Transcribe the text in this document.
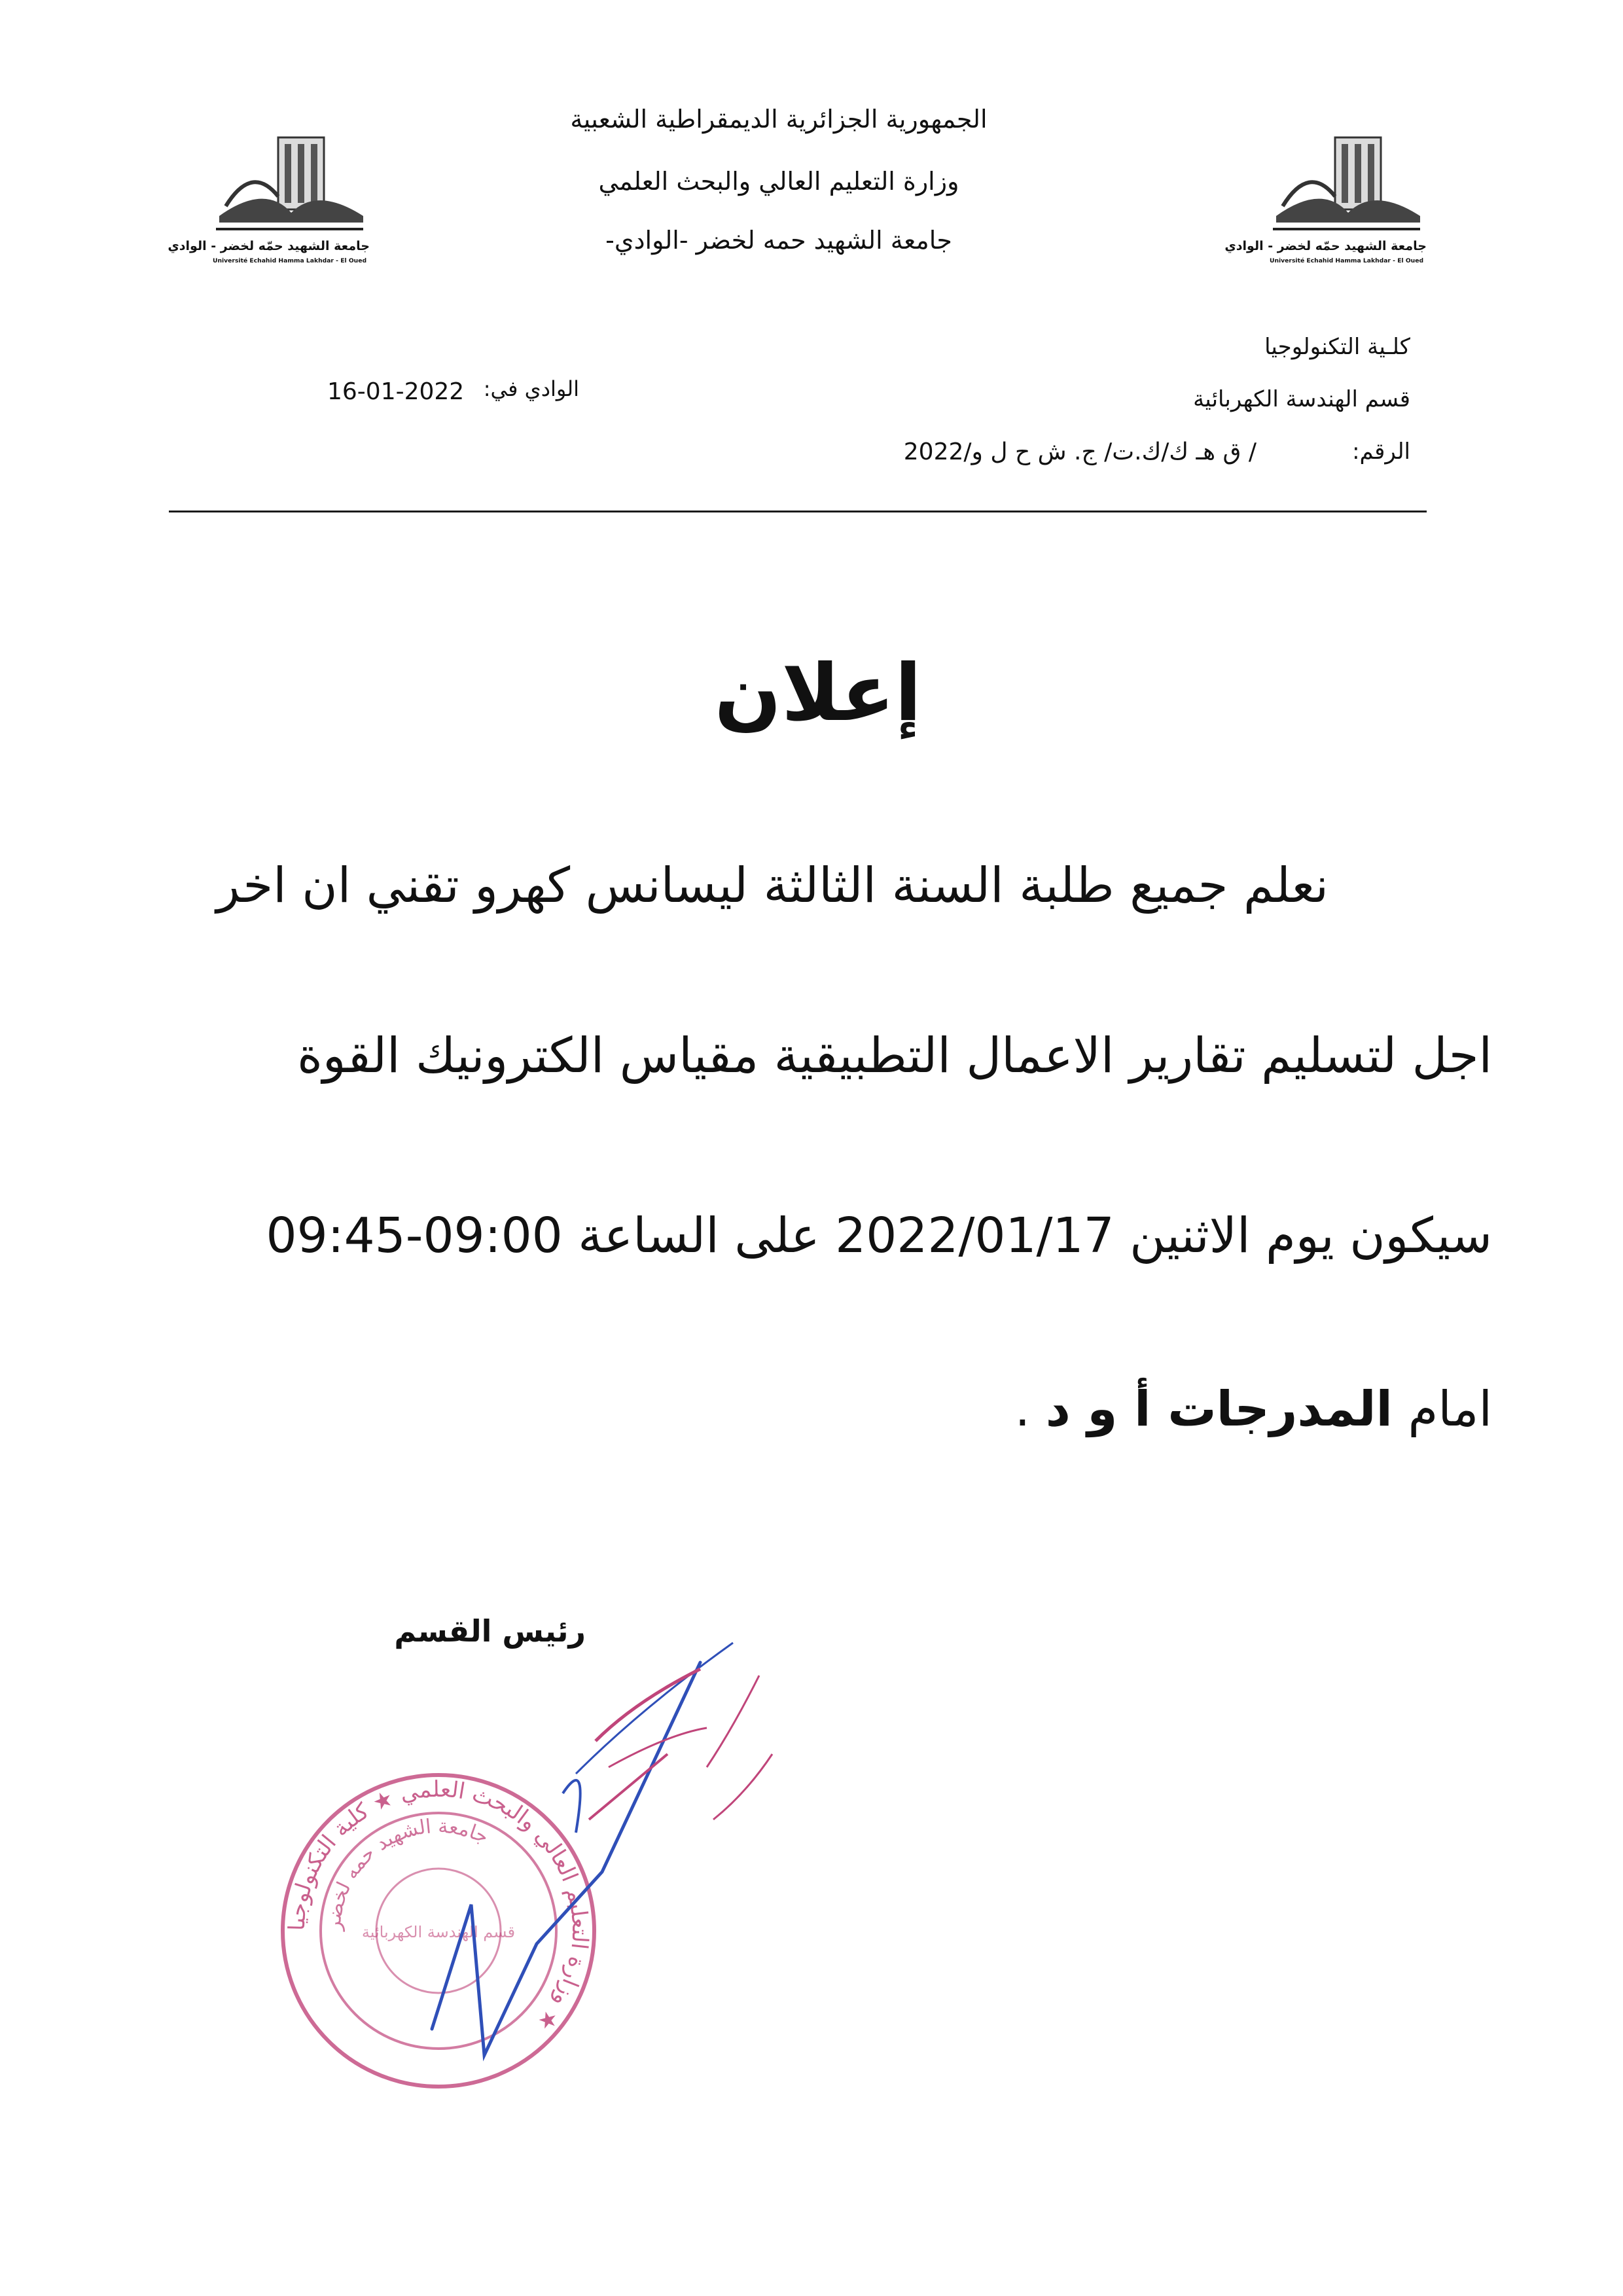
جامعة الشهيد حمّه لخضر - الوادي
Université Echahid Hamma Lakhdar - El Oued
جامعة الشهيد حمّه لخضر - الوادي
Université Echahid Hamma Lakhdar - El Oued
الجمهورية الجزائرية الديمقراطية الشعبية
وزارة التعليم العالي والبحث العلمي
جامعة الشهيد حمه لخضر -الوادي-
كلـية التكنولوجيا
قسم الهندسة الكهربائية
الرقم:
/ ق هـ ك/ك.ت/ ج. ش ح ل و/2022
الوادي في:
16-01-2022
إعلان
نعلم جميع طلبة السنة الثالثة ليسانس كهرو تقني ان اخر
اجل لتسليم تقارير الاعمال التطبيقية مقياس الكترونيك القوة
سيكون يوم الاثنين 2022/01/17 على الساعة 09:00-09:45
امام المدرجات أ و د .
رئيس القسم
وزارة التعليم العالي والبحث العلمي ★ كلية التكنولوجيا ★
جامعة الشهيد حمه لخضر
قسم الهندسة الكهربائية
